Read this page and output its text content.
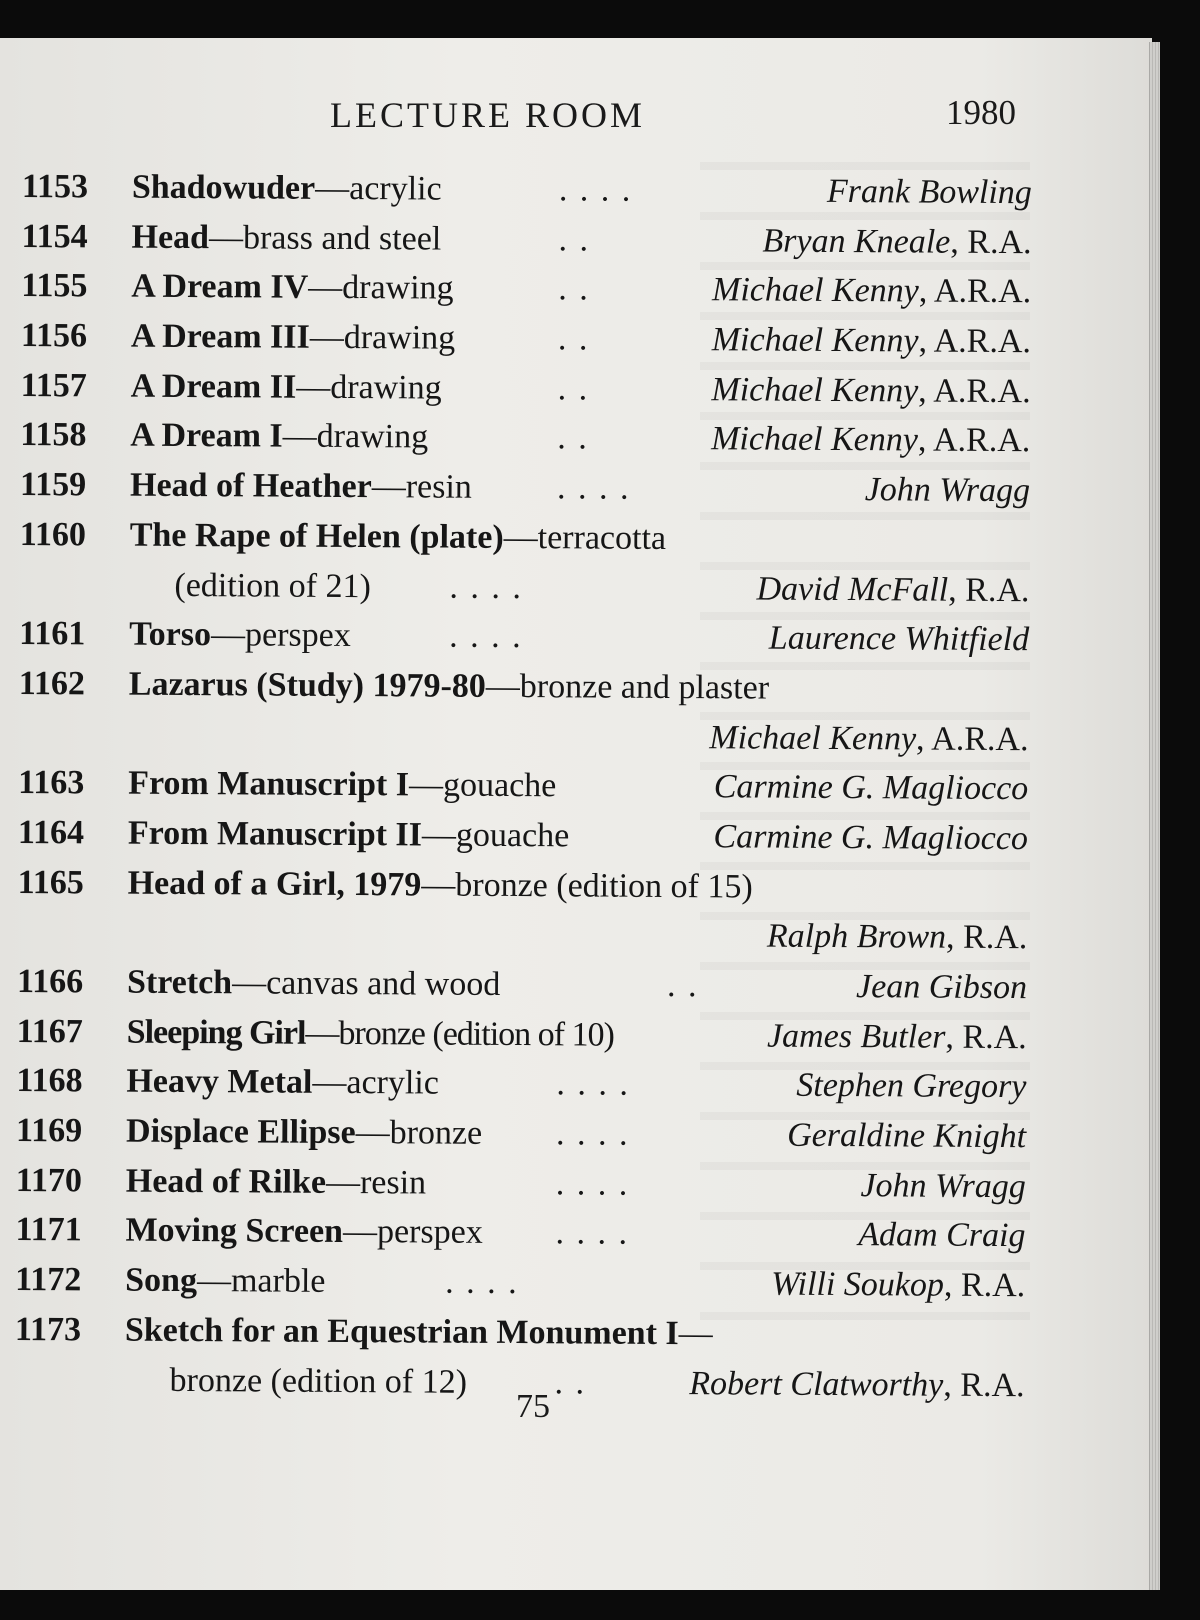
LECTURE ROOM	1980
1153 Shadowuder—acrylic	. . . .	Frank Bowling
1154 Head—brass and steel	. .	Bryan Kneale, R.A.
1155 A Dream IV—drawing	. .	Michael Kenny, A.R.A.
1156 A Dream III—drawing	. .	Michael Kenny, A.R.A.
1157 A Dream II—drawing	. .	Michael Kenny, A.R.A.
1158 A Dream I—drawing	. .	Michael Kenny, A.R.A.
1159 Head of Heather—resin . . . .	John Wragg
1160 The Rape of Helen (plate)—terracotta
(edition of 21) . . . .	David McFall, R.A.
1161 Torso—perspex	. . . .	Laurence Whitfield
1162 Lazarus (Study) 1979-80—bronze and plaster
Michael Kenny, A.R.A.
1163 From Manuscript I—gouache	Carmine G. Magliocco
1164 From Manuscript II—gouache	Carmine G. Magliocco
1165 Head of a Girl, 1979—bronze (edition of 15)
Ralph Brown, R.A.
1166 Stretch—canvas and wood	. .	Jean Gibson
1167 Sleeping Girl—bronze (edition of 10)	James Butler, R.A.
1168 Heavy Metal—acrylic	. . . .	Stephen Gregory
1169 Displace Ellipse—bronze . . . .	Geraldine Knight
1170 Head of Rilke—resin	. . . .	John Wragg
1171 Moving Screen—perspex . . . .	Adam Craig
1172 Song—marble	. . . .	Willi Soukop, R.A.
1173 Sketch for an Equestrian Monument I—
bronze (edition of 12)	. .	Robert Clatworthy, R.A.
75
